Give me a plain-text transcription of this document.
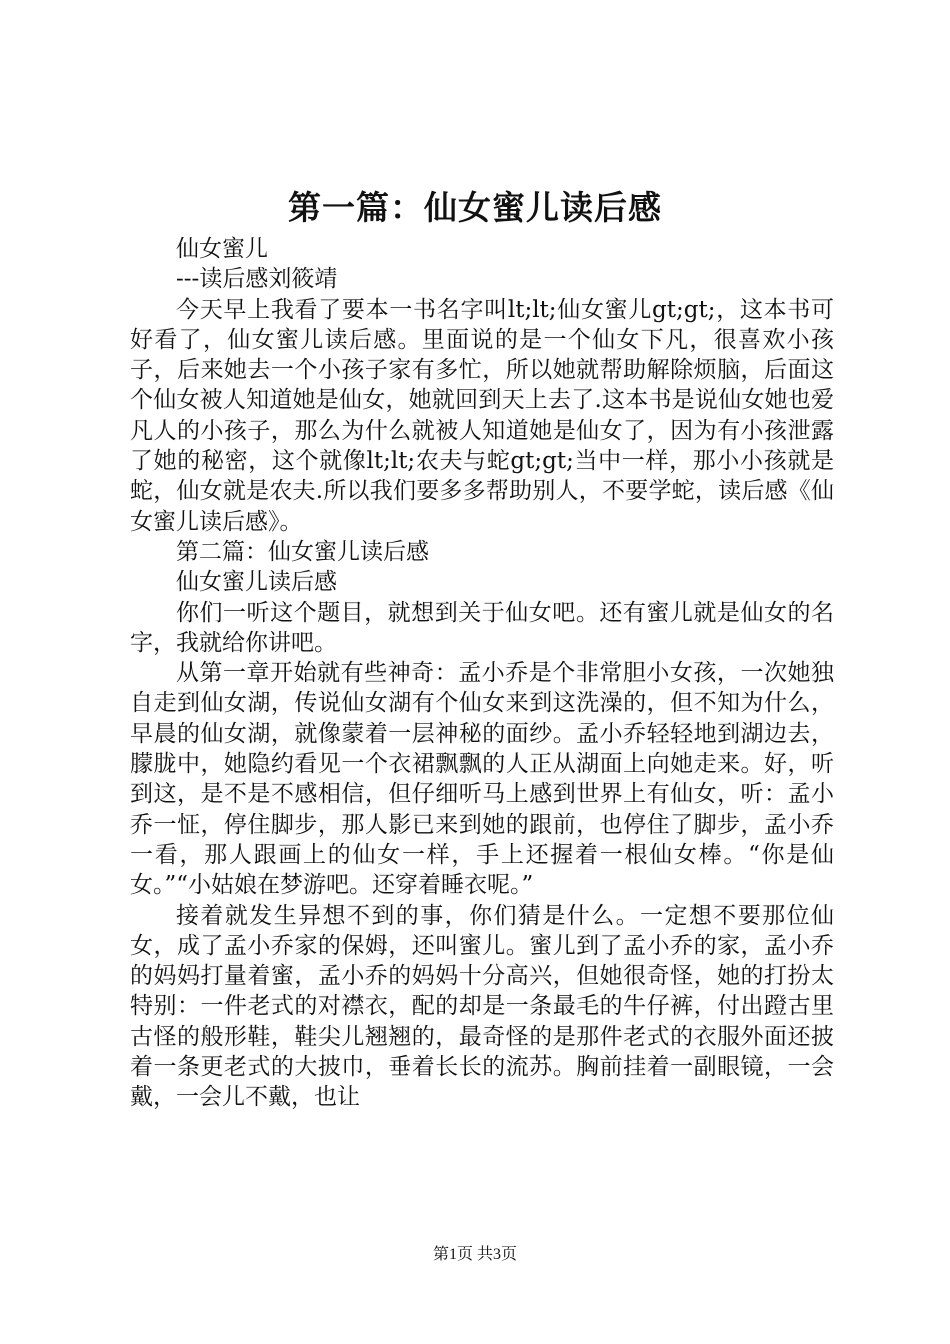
第一篇：仙女蜜儿读后感

仙女蜜儿

---读后感刘筱靖

今天早上我看了要本一书名字叫lt;lt;仙女蜜儿gt;gt;，这本书可好看了，仙女蜜儿读后感。里面说的是一个仙女下凡，很喜欢小孩子，后来她去一个小孩子家有多忙，所以她就帮助解除烦脑，后面这个仙女被人知道她是仙女，她就回到天上去了.这本书是说仙女她也爱凡人的小孩子，那么为什么就被人知道她是仙女了，因为有小孩泄露了她的秘密，这个就像lt;lt;农夫与蛇gt;gt;当中一样，那小小孩就是蛇，仙女就是农夫.所以我们要多多帮助别人，不要学蛇，读后感《仙女蜜儿读后感》。

第二篇：仙女蜜儿读后感

仙女蜜儿读后感

你们一听这个题目，就想到关于仙女吧。还有蜜儿就是仙女的名字，我就给你讲吧。

从第一章开始就有些神奇：孟小乔是个非常胆小女孩，一次她独自走到仙女湖，传说仙女湖有个仙女来到这洗澡的，但不知为什么，早晨的仙女湖，就像蒙着一层神秘的面纱。孟小乔轻轻地到湖边去，朦胧中，她隐约看见一个衣裙飘飘的人正从湖面上向她走来。好，听到这，是不是不感相信，但仔细听马上感到世界上有仙女，听：孟小乔一怔，停住脚步，那人影已来到她的跟前，也停住了脚步，孟小乔一看，那人跟画上的仙女一样，手上还握着一根仙女棒。“你是仙女。”“小姑娘在梦游吧。还穿着睡衣呢。”

接着就发生异想不到的事，你们猜是什么。一定想不要那位仙女，成了孟小乔家的保姆，还叫蜜儿。蜜儿到了孟小乔的家，孟小乔的妈妈打量着蜜，孟小乔的妈妈十分高兴，但她很奇怪，她的打扮太特别：一件老式的对襟衣，配的却是一条最毛的牛仔裤，付出蹬古里古怪的般形鞋，鞋尖儿翘翘的，最奇怪的是那件老式的衣服外面还披着一条更老式的大披巾，垂着长长的流苏。胸前挂着一副眼镜，一会戴，一会儿不戴，也让

第1页 共3页
